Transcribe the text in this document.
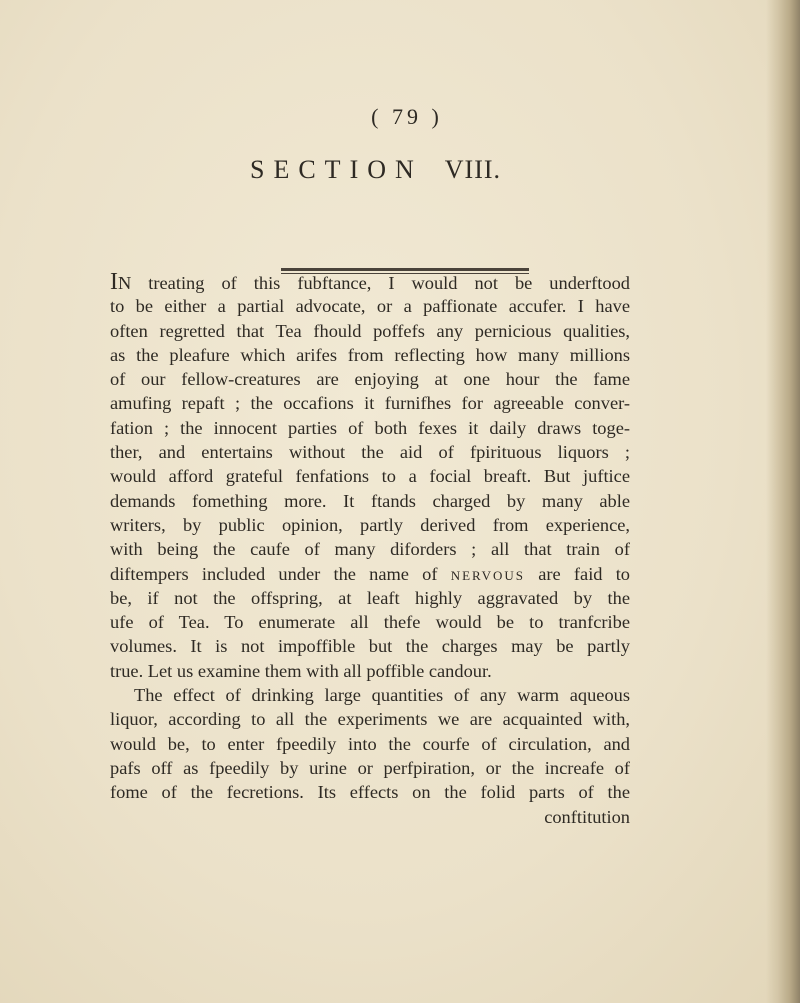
( 79 )
SECTION VIII.
IN treating of this fubftance, I would not be underftood
to be either a partial advocate, or a paffionate accufer. I have
often regretted that Tea fhould poffefs any pernicious qualities,
as the pleafure which arifes from reflecting how many millions
of our fellow-creatures are enjoying at one hour the fame
amufing repaft ; the occafions it furnifhes for agreeable conver-
fation ; the innocent parties of both fexes it daily draws toge-
ther, and entertains without the aid of fpirituous liquors ;
would afford grateful fenfations to a focial breaft. But juftice
demands fomething more. It ftands charged by many able
writers, by public opinion, partly derived from experience,
with being the caufe of many diforders ; all that train of
diftempers included under the name of NERVOUS are faid to
be, if not the offspring, at leaft highly aggravated by the
ufe of Tea. To enumerate all thefe would be to tranfcribe
volumes. It is not impoffible but the charges may be partly
true. Let us examine them with all poffible candour.
The effect of drinking large quantities of any warm aqueous
liquor, according to all the experiments we are acquainted with,
would be, to enter fpeedily into the courfe of circulation, and
pafs off as fpeedily by urine or perfpiration, or the increafe of
fome of the fecretions. Its effects on the folid parts of the
conftitution
